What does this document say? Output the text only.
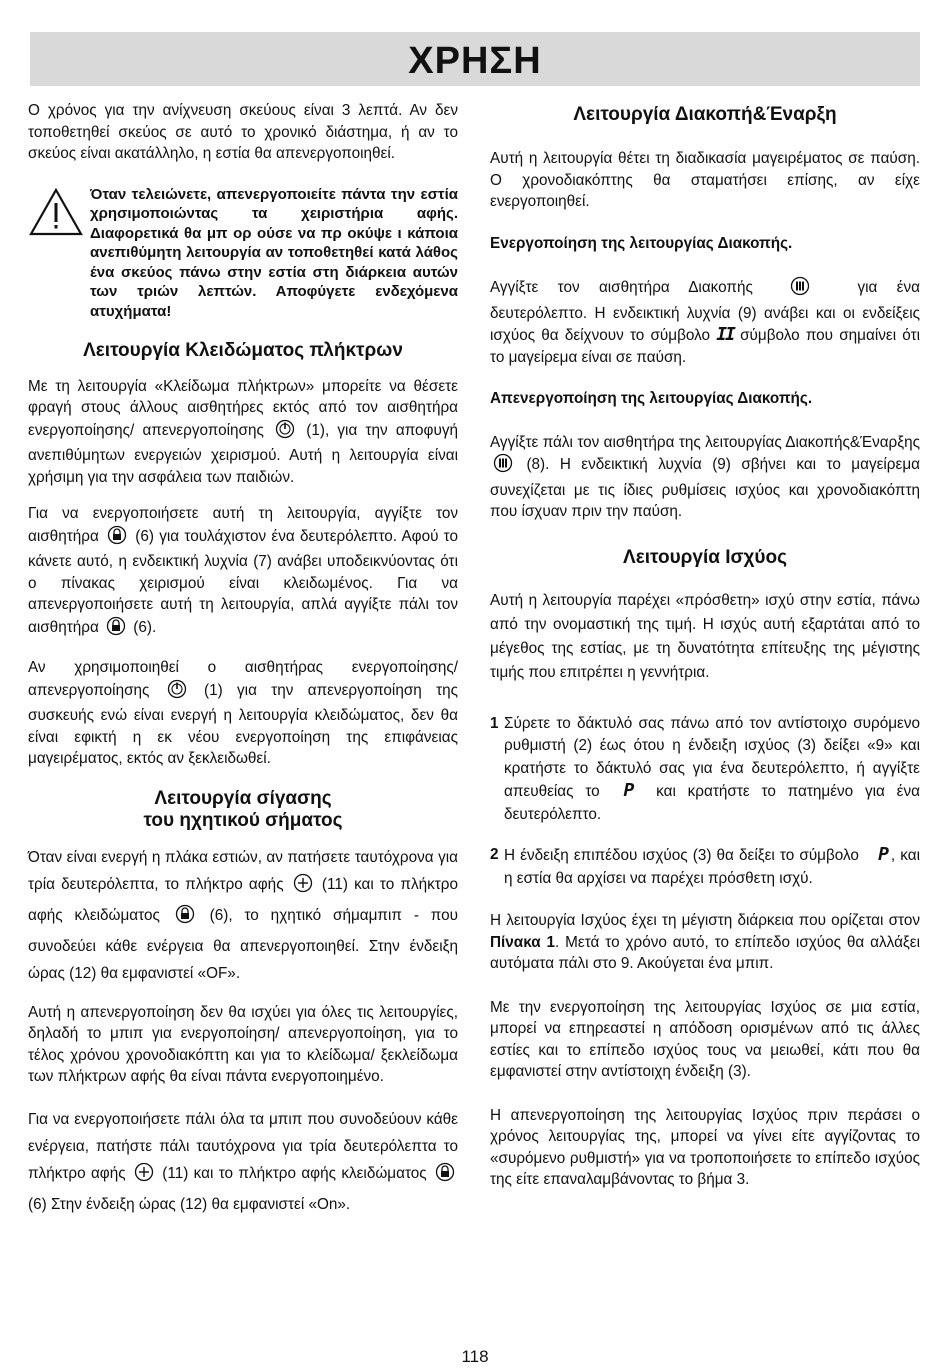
ΧΡΗΣΗ

Ο χρόνος για την ανίχνευση σκεύους είναι 3 λεπτά. Αν δεν τοποθετηθεί σκεύος σε αυτό το χρονικό διάστημα, ή αν το σκεύος είναι ακατάλληλο, η εστία θα απενεργοποιηθεί.

Όταν τελειώνετε, απενεργοποιείτε πάντα την εστία χρησιμοποιώντας τα χειριστήρια αφής. Διαφορετικά θα μπ ορ ούσε να πρ οκύψε ι κάποια ανεπιθύμητη λειτουργία αν τοποθετηθεί κατά λάθος ένα σκεύος πάνω στην εστία στη διάρκεια αυτών των τριών λεπτών. Αποφύγετε ενδεχόμενα ατυχήματα!
Λειτουργία Κλειδώματος πλήκτρων

Με τη λειτουργία «Κλείδωμα πλήκτρων» μπορείτε να θέσετε φραγή στους άλλους αισθητήρες εκτός από τον αισθητήρα ενεργοποίησης/ απενεργοποίησης	(1), για την αποφυγή ανεπιθύμητων ενεργειών χειρισμού. Αυτή η λειτουργία είναι χρήσιμη για την ασφάλεια των παιδιών.

Για να ενεργοποιήσετε αυτή τη λειτουργία, αγγίξτε τον αισθητήρα (6) για τουλάχιστον ένα δευτερόλεπτο. Αφού το κάνετε αυτό, η ενδεικτική λυχνία (7) ανάβει υποδεικνύοντας ότι ο πίνακας χειρισμού είναι κλειδωμένος. Για να απενεργοποιήσετε αυτή τη λειτουργία, απλά αγγίξτε πάλι τον αισθητήρα (6).

Αν χρησιμοποιηθεί ο αισθητήρας ενεργοποίησης/ απενεργοποίησης	(1) για την απενεργοποίηση της συσκευής ενώ είναι ενεργή η λειτουργία κλειδώματος, δεν θα είναι εφικτή η εκ νέου ενεργοποίηση της επιφάνειας μαγειρέματος, εκτός αν ξεκλειδωθεί.

Λειτουργία σίγασης
του ηχητικού σήματος

Όταν είναι ενεργή η πλάκα εστιών, αν πατήσετε ταυτόχρονα για τρία δευτερόλεπτα, το πλήκτρο αφής	(11) και το πλήκτρο αφής κλειδώματος	(6), το ηχητικό σήμαμπιπ - που συνοδεύει κάθε ενέργεια θα απενεργοποιηθεί. Στην ένδειξη ώρας (12) θα εμφανιστεί «OF».

Αυτή η απενεργοποίηση δεν θα ισχύει για όλες τις λειτουργίες, δηλαδή το μπιπ για ενεργοποίηση/ απενεργοποίηση, για το τέλος χρόνου χρονοδιακόπτη και για το κλείδωμα/ ξεκλείδωμα των πλήκτρων αφής θα είναι πάντα ενεργοποιημένο.

Για να ενεργοποιήσετε πάλι όλα τα μπιπ που συνοδεύουν κάθε ενέργεια, πατήστε πάλι ταυτόχρονα για τρία δευτερόλεπτα το πλήκτρο αφής (11) και το πλήκτρο αφής κλειδώματος  (6) Στην ένδειξη ώρας (12) θα εμφανιστεί «On».

Λειτουργία Διακοπή&Έναρξη

Αυτή η λειτουργία θέτει τη διαδικασία μαγειρέματος σε παύση. Ο χρονοδιακόπτης θα σταματήσει επίσης, αν είχε ενεργοποιηθεί.

Ενεργοποίηση της λειτουργίας Διακοπής.

Αγγίξτε τον αισθητήρα Διακοπής	για ένα δευτερόλεπτο. Η ενδεικτική λυχνία (9) ανάβει και οι ενδείξεις ισχύος θα δείχνουν το σύμβολο II σύμβολο που σημαίνει ότι το μαγείρεμα είναι σε παύση.

Απενεργοποίηση της λειτουργίας Διακοπής.

Αγγίξτε πάλι τον αισθητήρα της λειτουργίας Διακοπής&Έναρξης  (8). Η ενδεικτική λυχνία (9) σβήνει και το μαγείρεμα συνεχίζεται με τις ίδιες ρυθμίσεις ισχύος και χρονοδιακόπτη που ίσχυαν πριν την παύση.

Λειτουργία Ισχύος

Αυτή η λειτουργία παρέχει «πρόσθετη» ισχύ στην εστία, πάνω από την ονομαστική της τιμή. Η ισχύς αυτή εξαρτάται από το μέγεθος της εστίας, με τη δυνατότητα επίτευξης της μέγιστης τιμής που επιτρέπει η γεννήτρια.

1 Σύρετε το δάκτυλό σας πάνω από τον αντίστοιχο συρόμενο ρυθμιστή (2) έως ότου η ένδειξη ισχύος (3) δείξει «9» και κρατήστε το δάκτυλό σας για ένα δευτερόλεπτο, ή αγγίξτε απευθείας το P και κρατήστε το πατημένο για ένα δευτερόλεπτο.
2 Η ένδειξη επιπέδου ισχύος (3) θα δείξει το σύμβολο P , και η εστία θα αρχίσει να παρέχει πρόσθετη ισχύ.

Η λειτουργία Ισχύος έχει τη μέγιστη διάρκεια που ορίζεται στον Πίνακα 1. Μετά το χρόνο αυτό, το επίπεδο ισχύος θα αλλάξει αυτόματα πάλι στο 9. Ακούγεται ένα μπιπ.

Με την ενεργοποίηση της λειτουργίας Ισχύος σε μια εστία, μπορεί να επηρεαστεί η απόδοση ορισμένων από τις άλλες εστίες και το επίπεδο ισχύος τους να μειωθεί, κάτι που θα εμφανιστεί στην αντίστοιχη ένδειξη (3).

Η απενεργοποίηση της λειτουργίας Ισχύος πριν περάσει ο χρόνος λειτουργίας της, μπορεί να γίνει είτε αγγίζοντας το «συρόμενο ρυθμιστή» για να τροποποιήσετε το επίπεδο ισχύος της είτε επαναλαμβάνοντας το βήμα 3.

118
